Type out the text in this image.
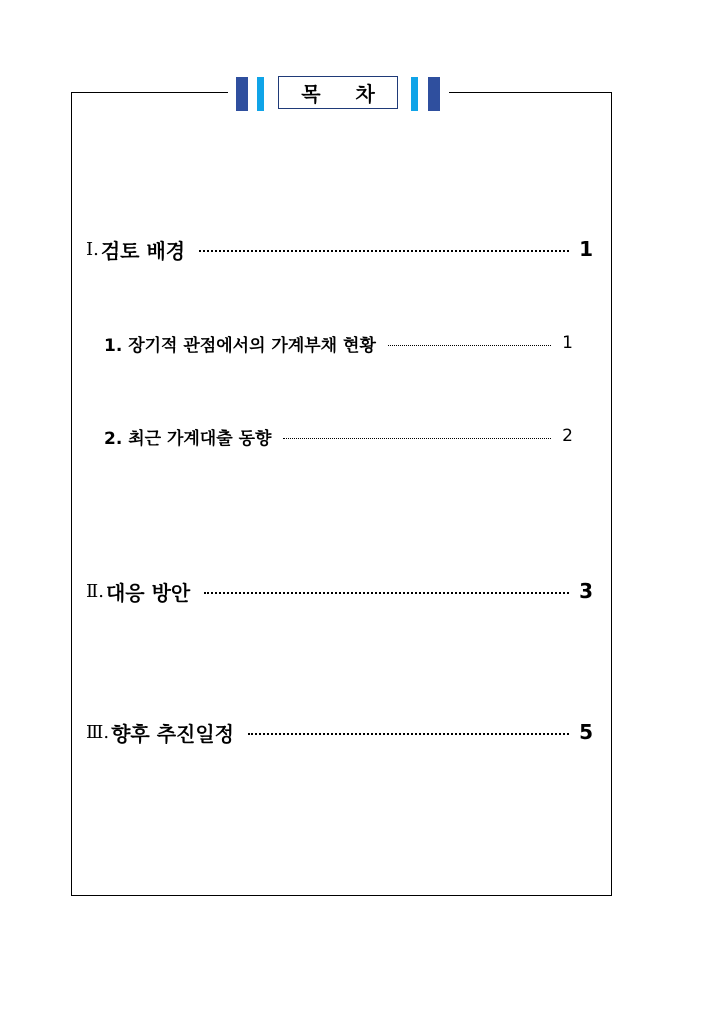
목 차
Ⅰ. 검토 배경	1
1. 장기적 관점에서의 가계부채 현황	1
2. 최근 가계대출 동향	2
Ⅱ. 대응 방안	3
Ⅲ. 향후 추진일정	5
